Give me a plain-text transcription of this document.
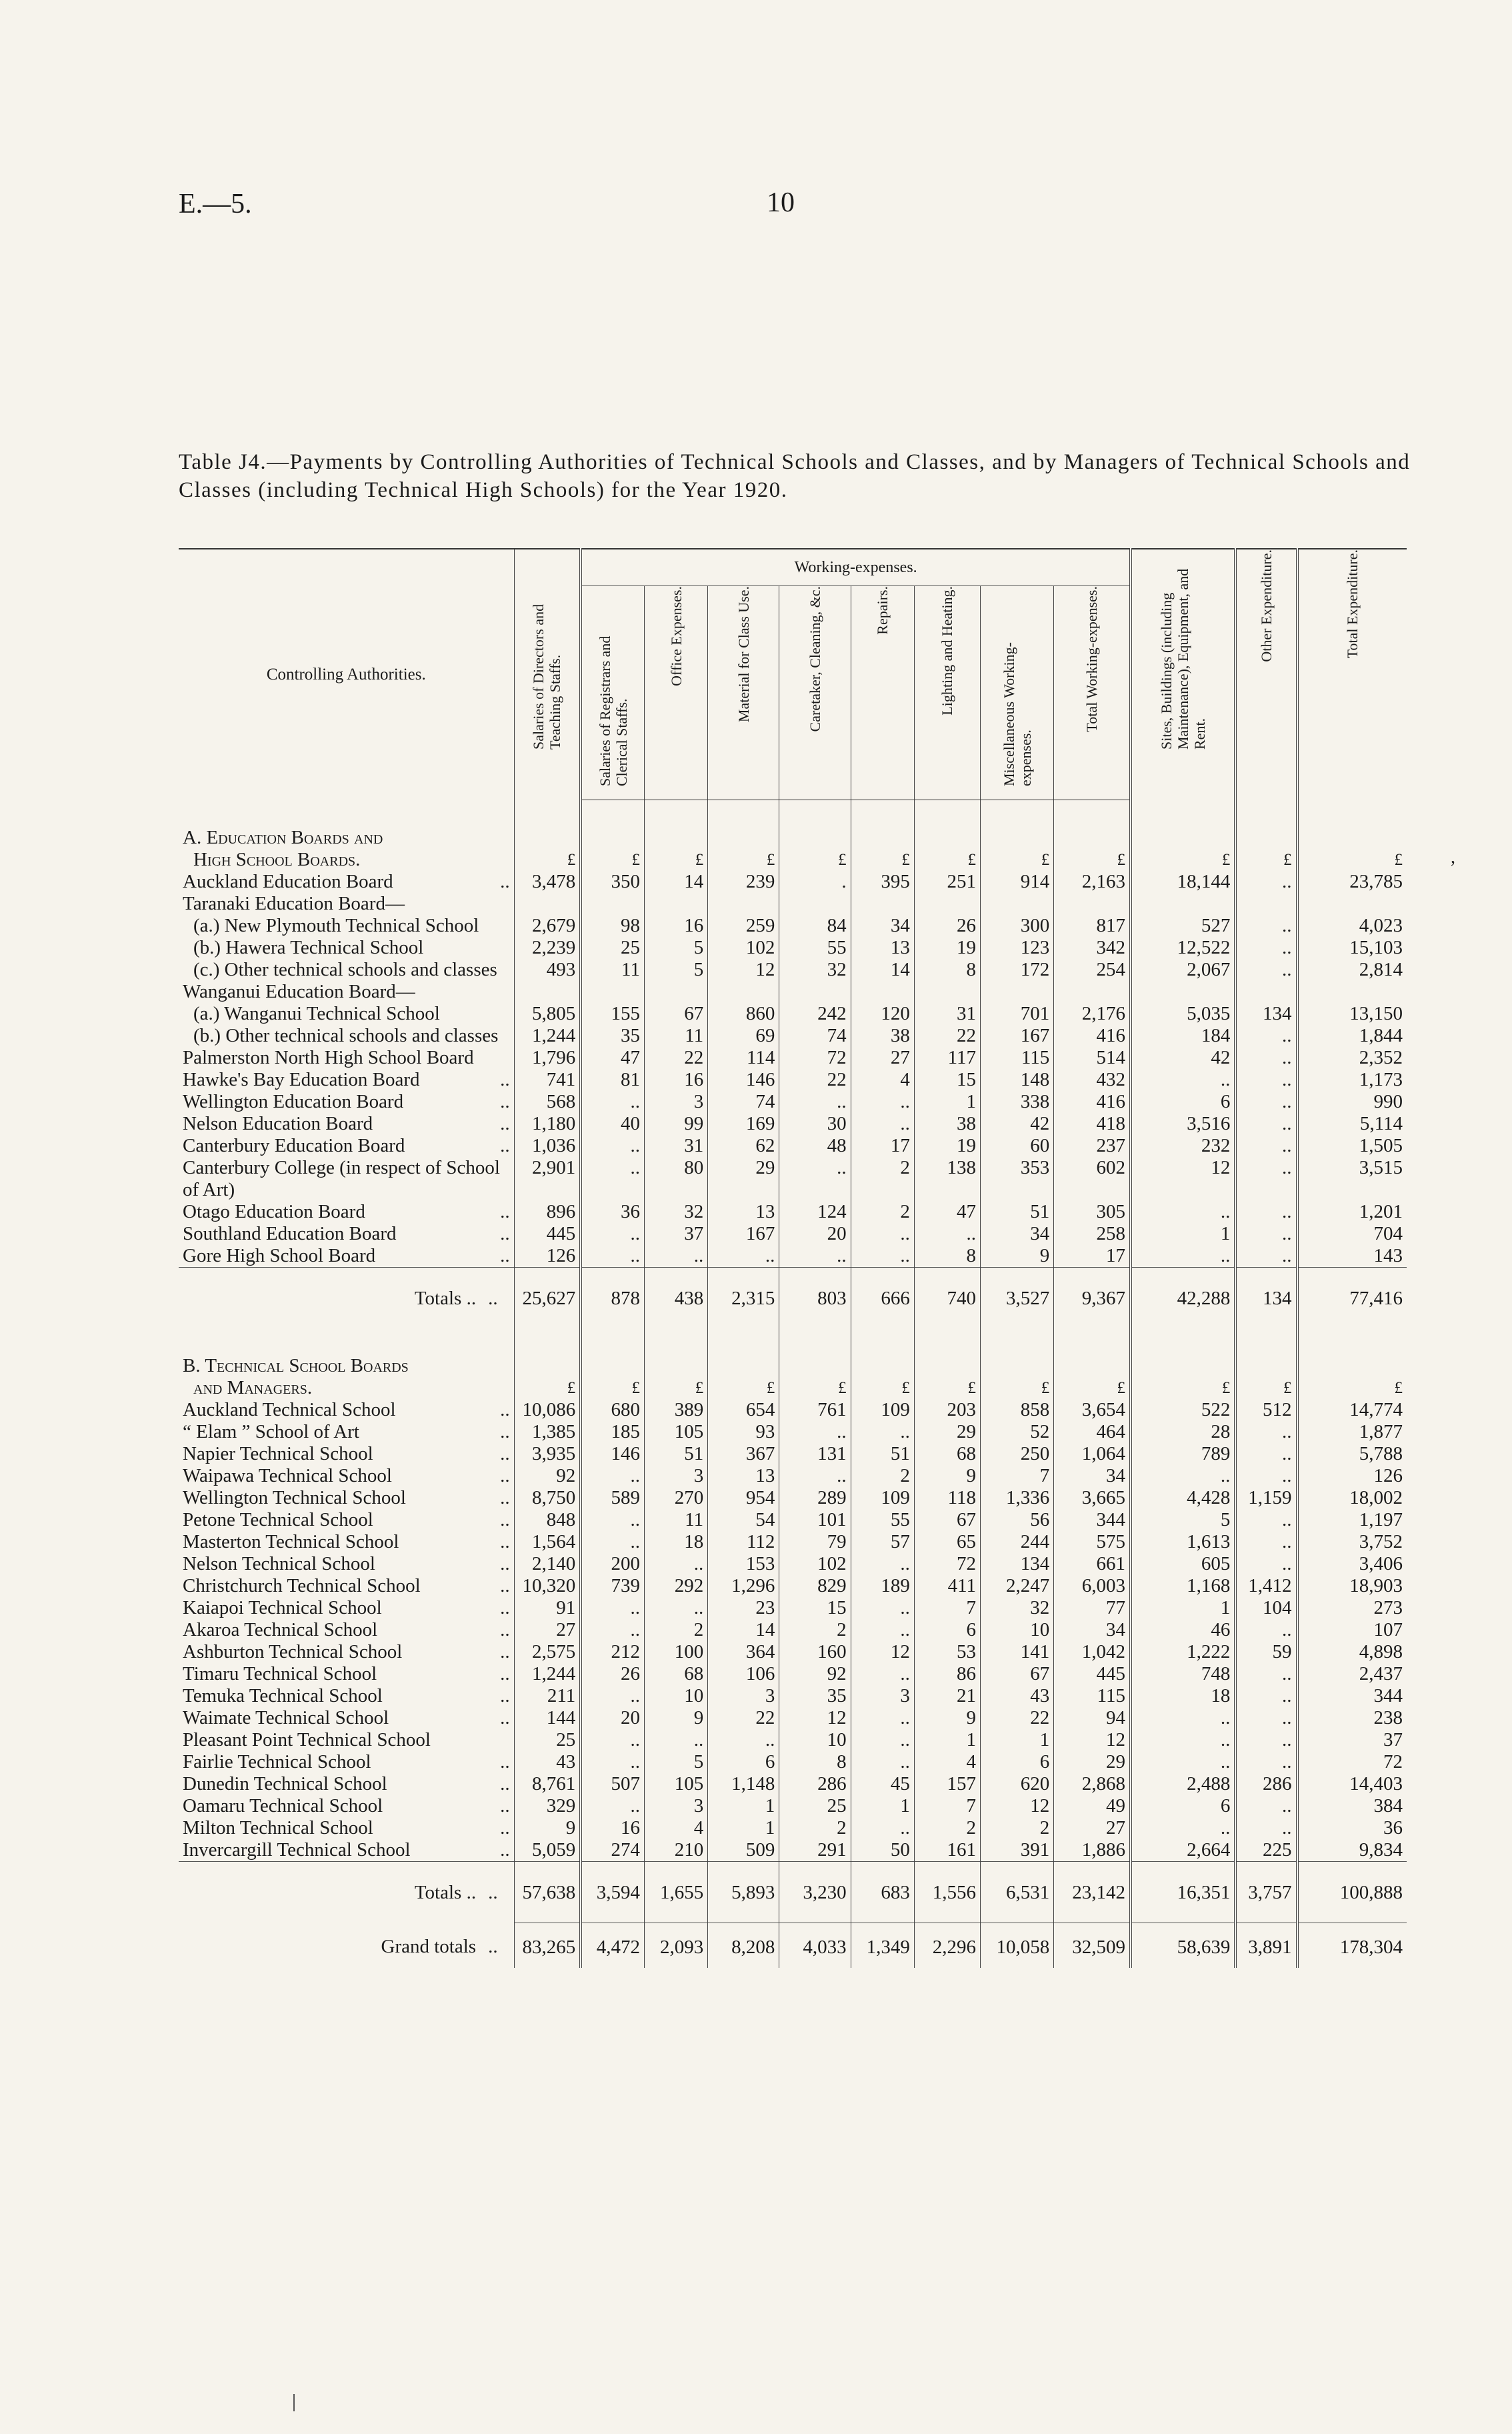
E.—5.	10
Table J4.—Payments by Controlling Authorities of Technical Schools and Classes, and by Managers of Technical Schools and Classes (including Technical High Schools) for the Year 1920.
,
Controlling Authorities.	Salaries of Directors and Teaching Staffs.	Working-expenses.								Sites, Buildings (including Maintenance), Equipment, and Rent.	Other Expenditure.	Total Expenditure.
		Salaries of Registrars and Clerical Staffs.	Office Expenses.	Material for Class Use.	Caretaker, Cleaning, &c.	Repairs.	Lighting and Heating.	Miscellaneous Working-expenses.	Total Working-expenses.			
A. Education Boards and												
High School Boards.	£	£	£	£	£	£	£	£	£	£	£	£
Auckland Education Board ..	3,478	350	14	239	.	395	251	914	2,163	18,144	..	23,785
Taranaki Education Board—												
(a.) New Plymouth Technical School	2,679	98	16	259	84	34	26	300	817	527	..	4,023
(b.) Hawera Technical School	2,239	25	5	102	55	13	19	123	342	12,522	..	15,103
(c.) Other technical schools and classes	493	11	5	12	32	14	8	172	254	2,067	..	2,814
Wanganui Education Board—												
(a.) Wanganui Technical School	5,805	155	67	860	242	120	31	701	2,176	5,035	134	13,150
(b.) Other technical schools and classes	1,244	35	11	69	74	38	22	167	416	184	..	1,844
Palmerston North High School Board	1,796	47	22	114	72	27	117	115	514	42	..	2,352
Hawke's Bay Education Board ..	741	81	16	146	22	4	15	148	432	..	..	1,173
Wellington Education Board ..	568	..	3	74	..	..	1	338	416	6	..	990
Nelson Education Board ..	1,180	40	99	169	30	..	38	42	418	3,516	..	5,114
Canterbury Education Board ..	1,036	..	31	62	48	17	19	60	237	232	..	1,505
Canterbury College (in respect of School of Art)	2,901	..	80	29	..	2	138	353	602	12	..	3,515
Otago Education Board ..	896	36	32	13	124	2	47	51	305	..	..	1,201
Southland Education Board ..	445	..	37	167	20	..	..	34	258	1	..	704
Gore High School Board ..	126	..	..	..	..	..	8	9	17	..	..	143
Totals .. ..	25,627	878	438	2,315	803	666	740	3,527	9,367	42,288	134	77,416
B. Technical School Boards												
and Managers.	£	£	£	£	£	£	£	£	£	£	£	£
Auckland Technical School ..	10,086	680	389	654	761	109	203	858	3,654	522	512	14,774
“ Elam ” School of Art ..	1,385	185	105	93	..	..	29	52	464	28	..	1,877
Napier Technical School ..	3,935	146	51	367	131	51	68	250	1,064	789	..	5,788
Waipawa Technical School ..	92	..	3	13	..	2	9	7	34	..	..	126
Wellington Technical School ..	8,750	589	270	954	289	109	118	1,336	3,665	4,428	1,159	18,002
Petone Technical School ..	848	..	11	54	101	55	67	56	344	5	..	1,197
Masterton Technical School ..	1,564	..	18	112	79	57	65	244	575	1,613	..	3,752
Nelson Technical School ..	2,140	200	..	153	102	..	72	134	661	605	..	3,406
Christchurch Technical School ..	10,320	739	292	1,296	829	189	411	2,247	6,003	1,168	1,412	18,903
Kaiapoi Technical School ..	91	..	..	23	15	..	7	32	77	1	104	273
Akaroa Technical School ..	27	..	2	14	2	..	6	10	34	46	..	107
Ashburton Technical School ..	2,575	212	100	364	160	12	53	141	1,042	1,222	59	4,898
Timaru Technical School ..	1,244	26	68	106	92	..	86	67	445	748	..	2,437
Temuka Technical School ..	211	..	10	3	35	3	21	43	115	18	..	344
Waimate Technical School ..	144	20	9	22	12	..	9	22	94	..	..	238
Pleasant Point Technical School	25	..	..	..	10	..	1	1	12	..	..	37
Fairlie Technical School ..	43	..	5	6	8	..	4	6	29	..	..	72
Dunedin Technical School ..	8,761	507	105	1,148	286	45	157	620	2,868	2,488	286	14,403
Oamaru Technical School ..	329	..	3	1	25	1	7	12	49	6	..	384
Milton Technical School ..	9	16	4	1	2	..	2	2	27	..	..	36
Invercargill Technical School ..	5,059	274	210	509	291	50	161	391	1,886	2,664	225	9,834
Totals .. ..	57,638	3,594	1,655	5,893	3,230	683	1,556	6,531	23,142	16,351	3,757	100,888
Grand totals ..	83,265	4,472	2,093	8,208	4,033	1,349	2,296	10,058	32,509	58,639	3,891	178,304
